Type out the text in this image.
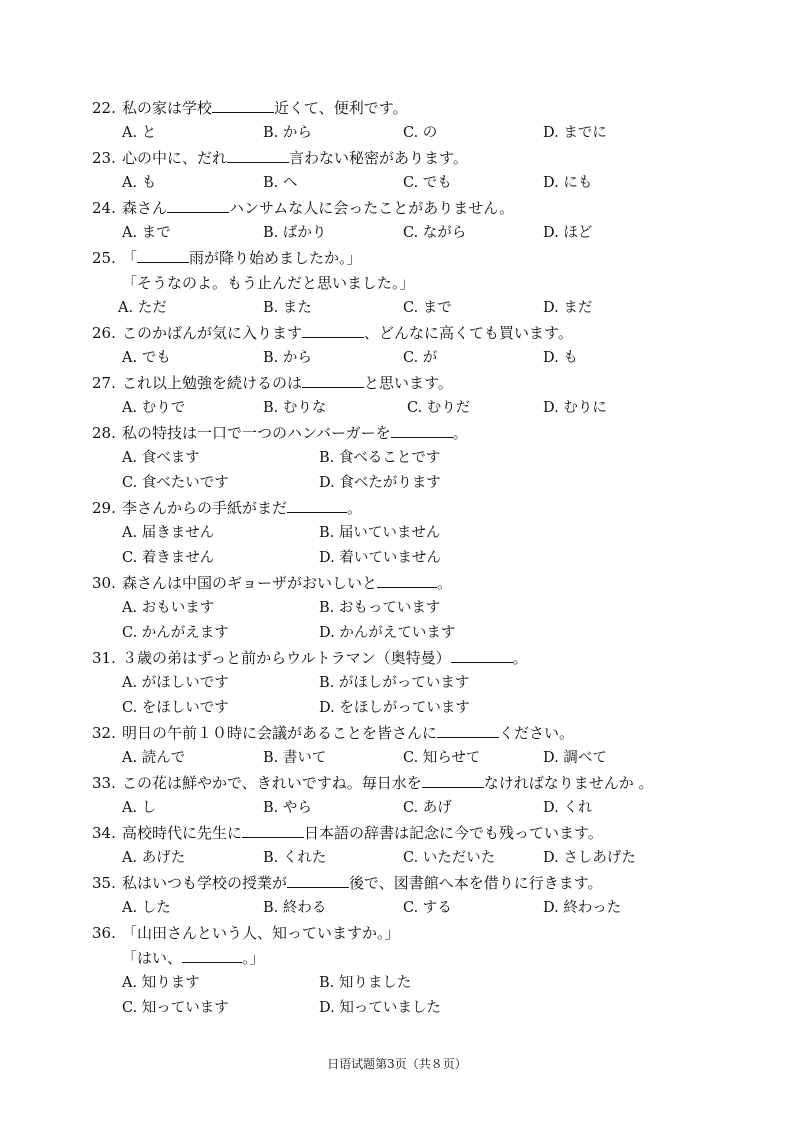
22. 私の家は学校	近くて、便利です。
A. と	B. から	C. の	D. までに
23. 心の中に、だれ	言わない秘密があります。
A. も	B. へ	C. でも	D. にも
24. 森さん	ハンサムな人に会ったことがありません。
A. まで	B. ばかり	C. ながら	D. ほど
25. 「	雨が降り始めましたか。」
「そうなのよ。もう止んだと思いました。」
A. ただ	B. また	C. まで	D. まだ
26. このかばんが気に入ります	、どんなに高くても買います。
A. でも	B. から	C. が	D. も
27. これ以上勉強を続けるのは	と思います。
A. むりで	B. むりな	C. むりだ	D. むりに
28. 私の特技は一口で一つのハンバーガーを	。
A. 食べます	B. 食べることです
C. 食べたいです	D. 食べたがります
29. 李さんからの手紙がまだ	。
A. 届きません	B. 届いていません
C. 着きません	D. 着いていません
30. 森さんは中国のギョーザがおいしいと	。
A. おもいます	B. おもっています
C. かんがえます	D. かんがえています
31. ３歳の弟はずっと前からウルトラマン（奥特曼）	。
A. がほしいです	B. がほしがっています
C. をほしいです	D. をほしがっています
32. 明日の午前１０時に会議があることを皆さんに	ください。
A. 読んで	B. 書いて	C. 知らせて	D. 調べて
33. この花は鮮やかで、きれいですね。毎日水を	なければなりませんか 。
A. し	B. やら	C. あげ	D. くれ
34. 高校時代に先生に	日本語の辞書は記念に今でも残っています。
A. あげた	B. くれた	C. いただいた	D. さしあげた
35. 私はいつも学校の授業が	後で、図書館へ本を借りに行きます。
A. した	B. 終わる	C. する	D. 終わった
36. 「山田さんという人、知っていますか。」
「はい、	。」
A. 知ります	B. 知りました
C. 知っています	D. 知っていました
日语试题第3页（共８页）
